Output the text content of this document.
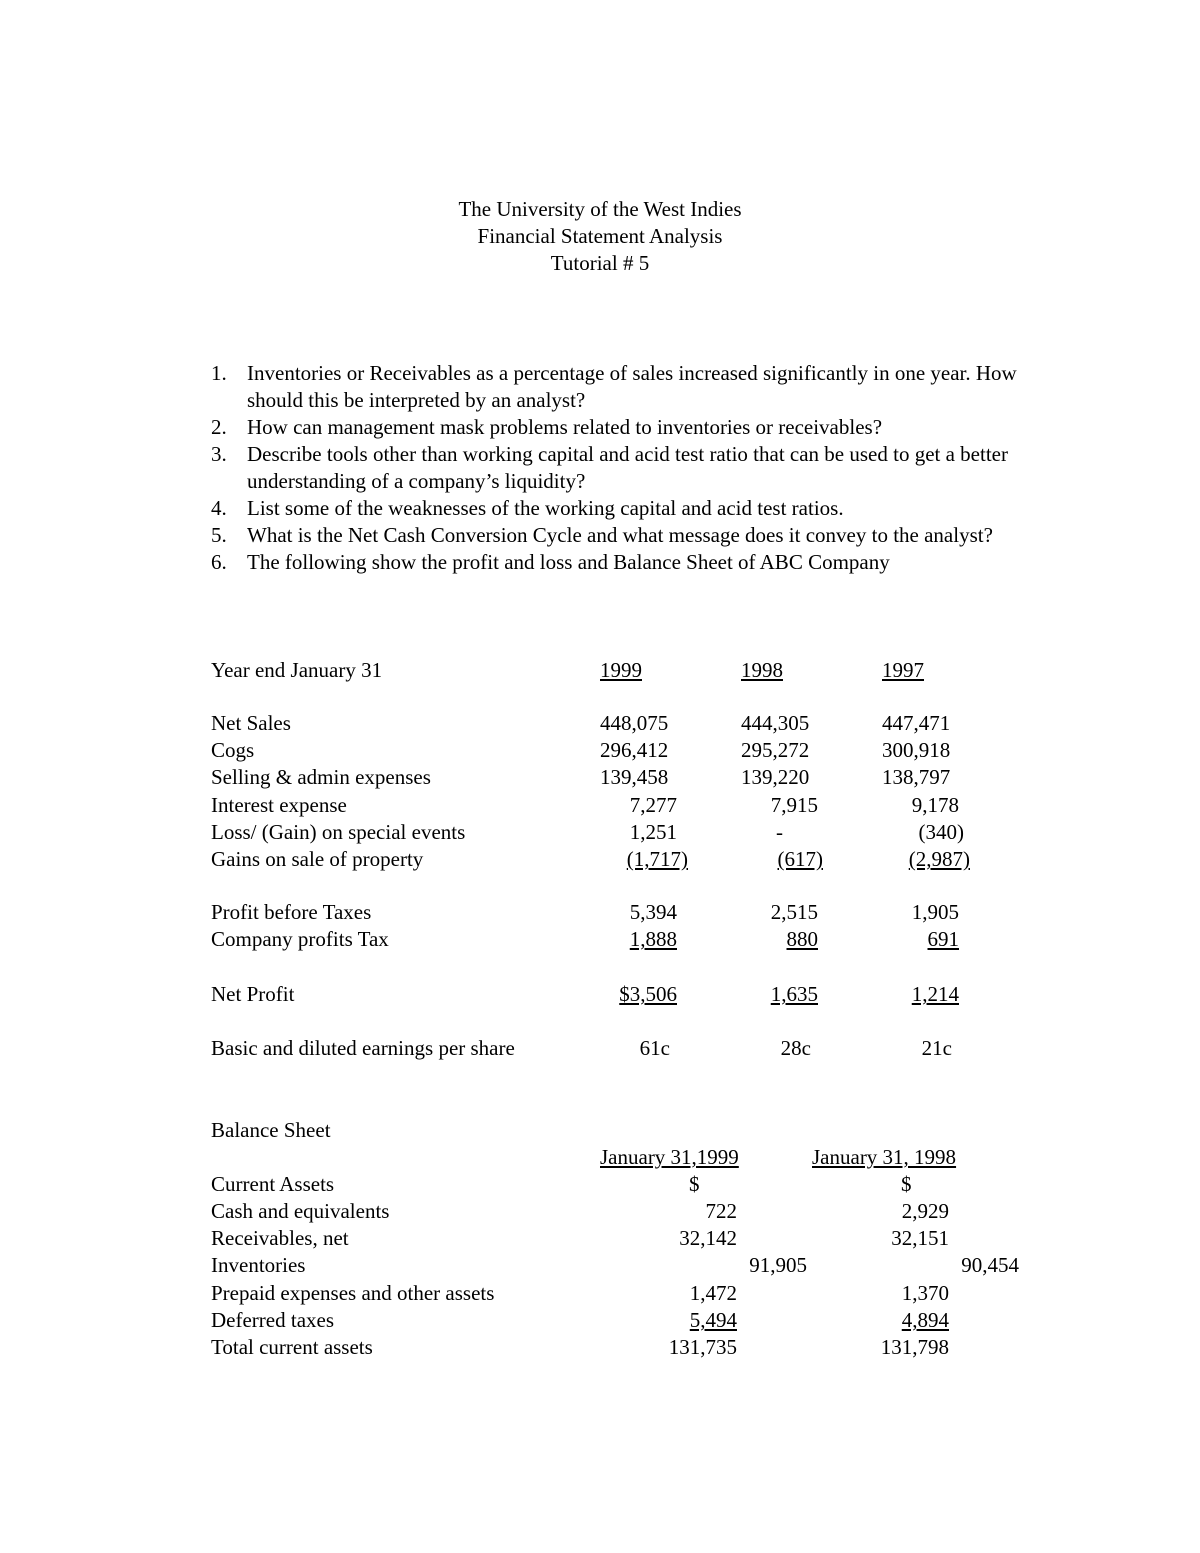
The University of the West Indies
Financial Statement Analysis
Tutorial # 5
1. Inventories or Receivables as a percentage of sales increased significantly in one year. How should this be interpreted by an analyst?
2. How can management mask problems related to inventories or receivables?
3. Describe tools other than working capital and acid test ratio that can be used to get a better understanding of a company’s liquidity?
4. List some of the weaknesses of the working capital and acid test ratios.
5. What is the Net Cash Conversion Cycle and what message does it convey to the analyst?
6. The following show the profit and loss and Balance Sheet of ABC Company
Year end January 31	1999	1998	1997
Net Sales	448,075	444,305	447,471
Cogs	296,412	295,272	300,918
Selling & admin expenses	139,458	139,220	138,797
Interest expense	7,277	7,915	9,178
Loss/ (Gain) on special events	1,251	-	(340)
Gains on sale of property	(1,717)	(617)	(2,987)
Profit before Taxes	5,394	2,515	1,905
Company profits Tax	1,888	880	691
Net Profit	$3,506	1,635	1,214
Basic and diluted earnings per share	61c	28c	21c
Balance Sheet
January 31,1999	January 31, 1998
Current Assets	$	$
Cash and equivalents	722	2,929
Receivables, net	32,142	32,151
Inventories	91,905	90,454
Prepaid expenses and other assets	1,472	1,370
Deferred taxes	5,494	4,894
Total current assets	131,735	131,798
